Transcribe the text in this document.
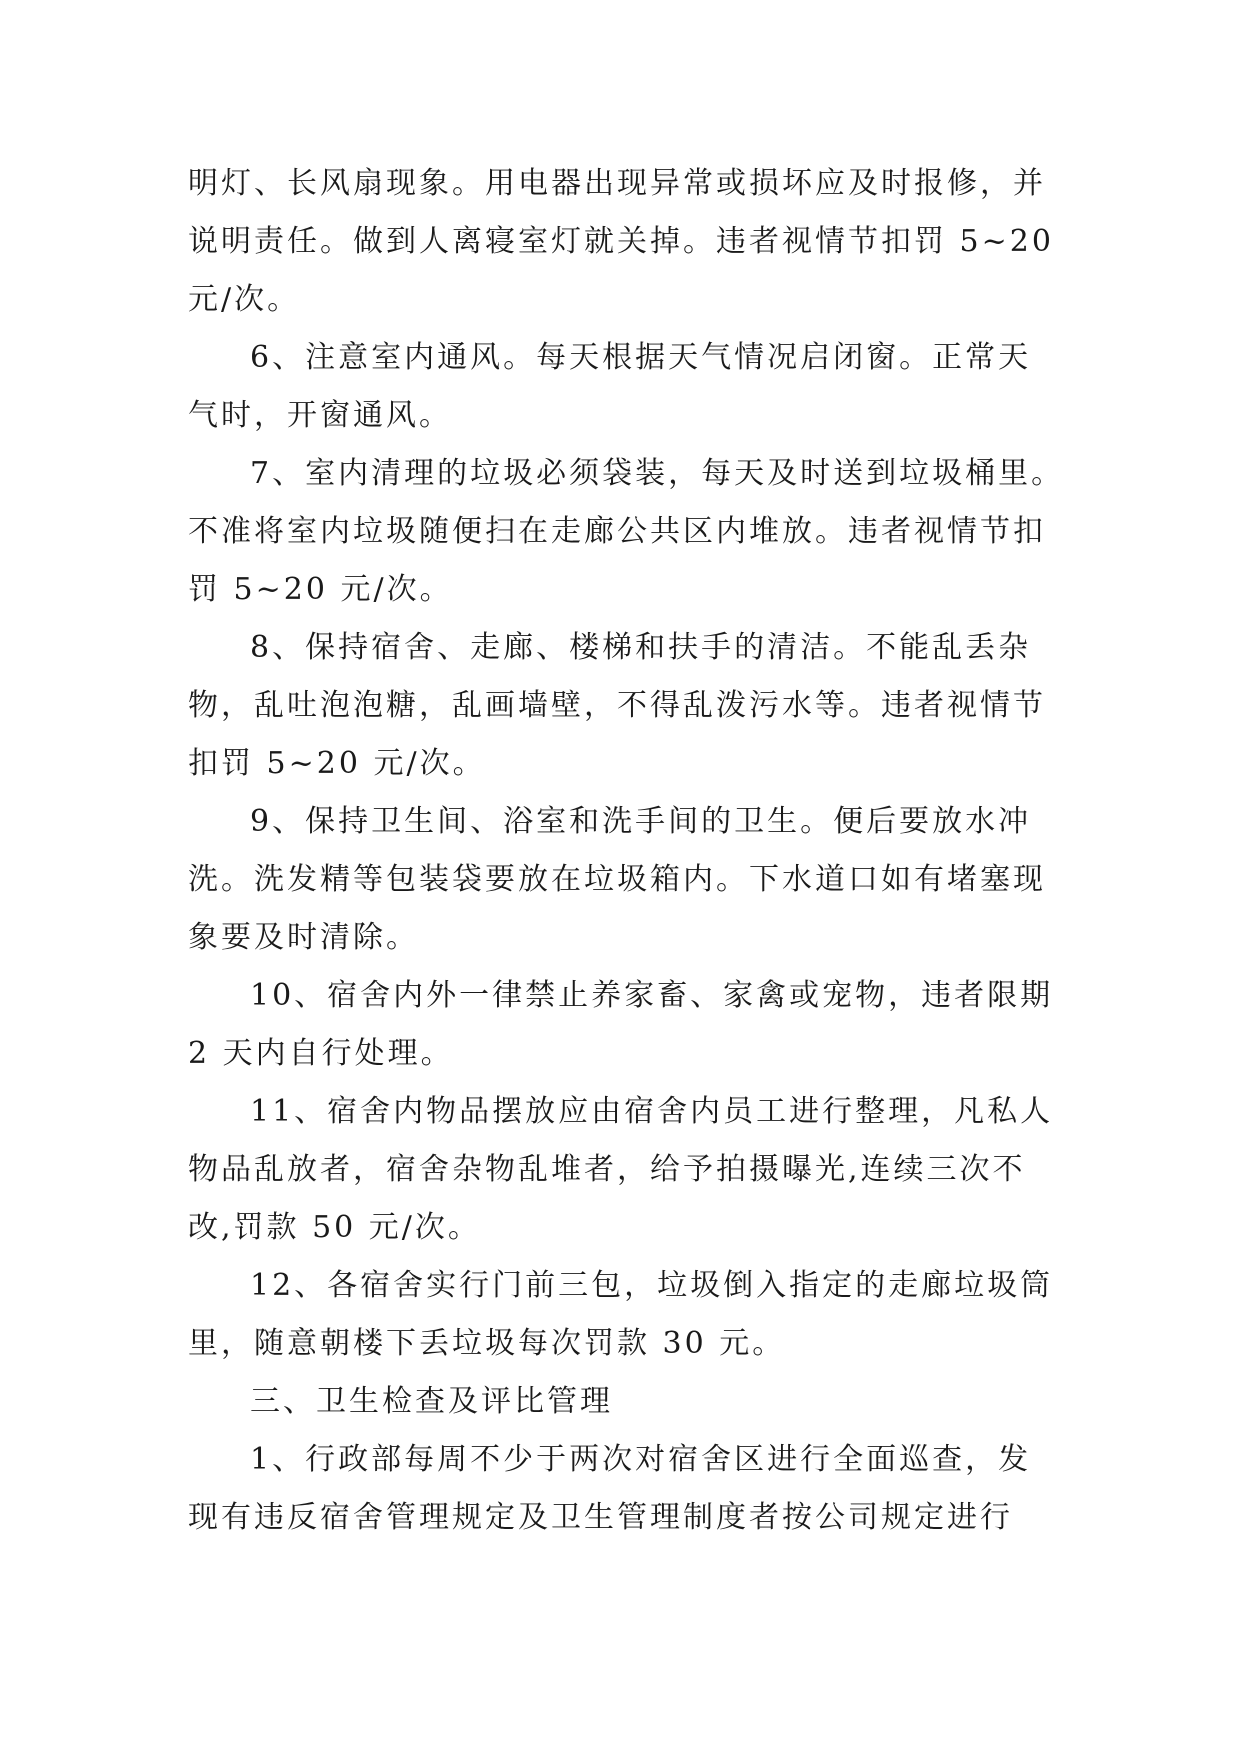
明灯、长风扇现象。用电器出现异常或损坏应及时报修，并
说明责任。做到人离寝室灯就关掉。违者视情节扣罚 5~20
元/次。
6、注意室内通风。每天根据天气情况启闭窗。正常天
气时，开窗通风。
7、室内清理的垃圾必须袋装，每天及时送到垃圾桶里。
不准将室内垃圾随便扫在走廊公共区内堆放。违者视情节扣
罚 5~20 元/次。
8、保持宿舍、走廊、楼梯和扶手的清洁。不能乱丢杂
物，乱吐泡泡糖，乱画墙壁，不得乱泼污水等。违者视情节
扣罚 5~20 元/次。
9、保持卫生间、浴室和洗手间的卫生。便后要放水冲
洗。洗发精等包装袋要放在垃圾箱内。下水道口如有堵塞现
象要及时清除。
10、宿舍内外一律禁止养家畜、家禽或宠物，违者限期
2 天内自行处理。
11、宿舍内物品摆放应由宿舍内员工进行整理，凡私人
物品乱放者，宿舍杂物乱堆者，给予拍摄曝光,连续三次不
改,罚款 50 元/次。
12、各宿舍实行门前三包，垃圾倒入指定的走廊垃圾筒
里，随意朝楼下丢垃圾每次罚款 30 元。
三、卫生检查及评比管理
1、行政部每周不少于两次对宿舍区进行全面巡查，发
现有违反宿舍管理规定及卫生管理制度者按公司规定进行
